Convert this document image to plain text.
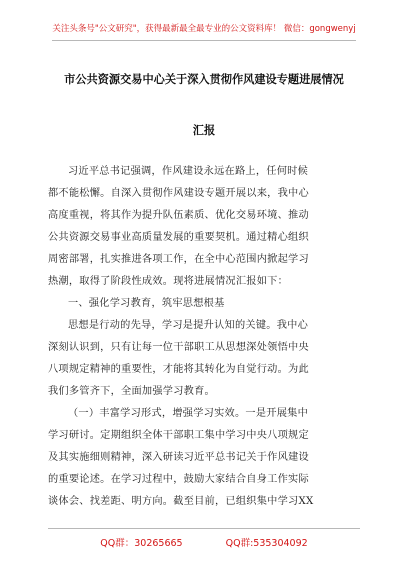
关注头条号"公文研究"，获得最新最全最专业的公文资料库！ 微信：gongwenyj
市公共资源交易中心关于深入贯彻作风建设专题进展情况
汇报
习近平总书记强调，作风建设永远在路上，任何时候
都不能松懈。自深入贯彻作风建设专题开展以来，我中心
高度重视，将其作为提升队伍素质、优化交易环境、推动
公共资源交易事业高质量发展的重要契机。通过精心组织
周密部署，扎实推进各项工作，在全中心范围内掀起学习
热潮，取得了阶段性成效。现将进展情况汇报如下：
一、强化学习教育，筑牢思想根基
思想是行动的先导，学习是提升认知的关键。我中心
深刻认识到，只有让每一位干部职工从思想深处领悟中央
八项规定精神的重要性，才能将其转化为自觉行动。为此
我们多管齐下，全面加强学习教育。
（一）丰富学习形式，增强学习实效。一是开展集中
学习研讨。定期组织全体干部职工集中学习中央八项规定
及其实施细则精神，深入研读习近平总书记关于作风建设
的重要论述。在学习过程中，鼓励大家结合自身工作实际
谈体会、找差距、明方向。截至目前，已组织集中学习XX
QQ群：30265665	QQ群:535304092
